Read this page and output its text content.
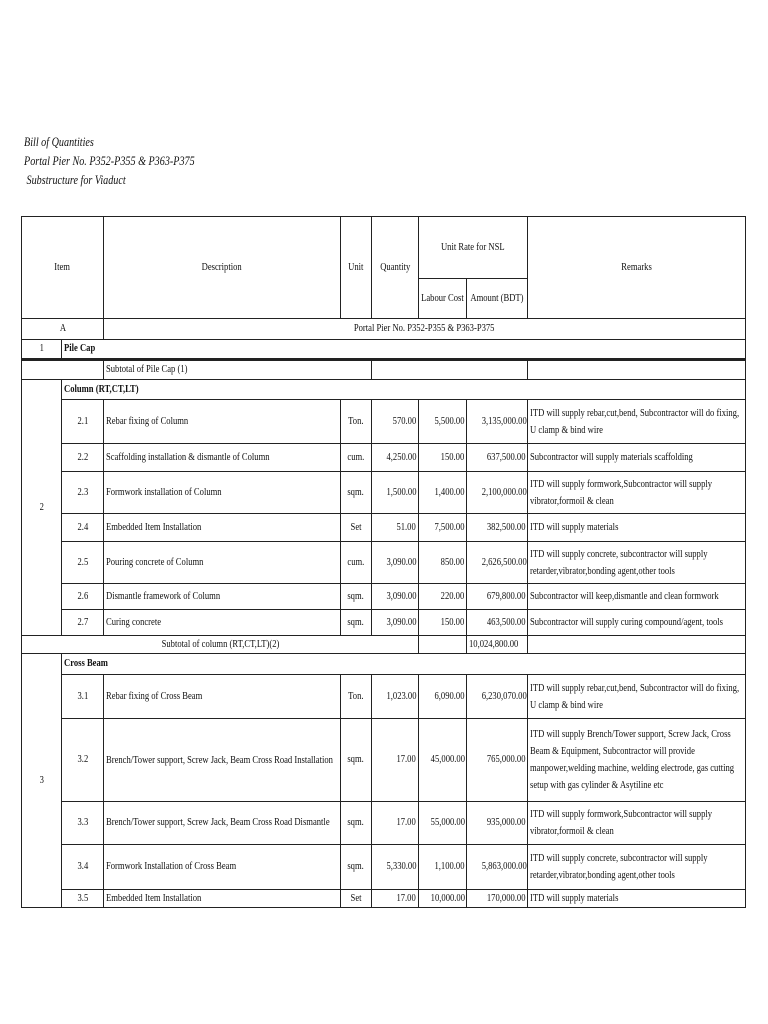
Bill of Quantities
Portal Pier No. P352-P355 & P363-P375
Substructure for Viaduct
Item		Description	Unit	Quantity	Unit Rate for NSL		Remarks

					Labour Cost	Amount (BDT)	

A		Portal Pier No. P352-P355 & P363-P375					
1	Pile Cap						
		Subtotal of Pile Cap (1)					
2	Column (RT,CT,LT)						
	2.1	Rebar fixing of Column	Ton.	570.00	5,500.00	3,135,000.00	ITD will supply rebar,cut,bend, Subcontractor will do fixing, U clamp & bind wire

	2.2	Scaffolding installation & dismantle of Column	cum.	4,250.00	150.00	637,500.00	Subcontractor will supply materials scaffolding

	2.3	Formwork installation of Column	sqm.	1,500.00	1,400.00	2,100,000.00	ITD will supply formwork,Subcontractor will supply vibrator,formoil & clean

	2.4	Embedded Item Installation	Set	51.00	7,500.00	382,500.00	ITD will supply materials

	2.5	Pouring concrete of Column	cum.	3,090.00	850.00	2,626,500.00	ITD will supply concrete, subcontractor will supply retarder,vibrator,bonding agent,other tools

	2.6	Dismantle framework of Column	sqm.	3,090.00	220.00	679,800.00	Subcontractor will keep,dismantle and clean formwork

	2.7	Curing concrete	sqm.	3,090.00	150.00	463,500.00	Subcontractor will supply curing compound/agent, tools

Subtotal of column (RT,CT,LT)(2)						10,024,800.00	
3	Cross Beam						
	3.1	Rebar fixing of Cross Beam	Ton.	1,023.00	6,090.00	6,230,070.00	ITD will supply rebar,cut,bend, Subcontractor will do fixing, U clamp & bind wire

	3.2	Brench/Tower support, Screw Jack, Beam Cross Road Installation	sqm.	17.00	45,000.00	765,000.00	ITD will supply Brench/Tower support, Screw Jack, Cross Beam & Equipment, Subcontractor will provide manpower,welding machine, welding electrode, gas cutting setup with gas cylinder & Asytiline etc

	3.3	Brench/Tower support, Screw Jack, Beam Cross Road Dismantle	sqm.	17.00	55,000.00	935,000.00	ITD will supply formwork,Subcontractor will supply vibrator,formoil & clean

	3.4	Formwork Installation of Cross Beam	sqm.	5,330.00	1,100.00	5,863,000.00	ITD will supply concrete, subcontractor will supply retarder,vibrator,bonding agent,other tools

	3.5	Embedded Item Installation	Set	17.00	10,000.00	170,000.00	ITD will supply materials
